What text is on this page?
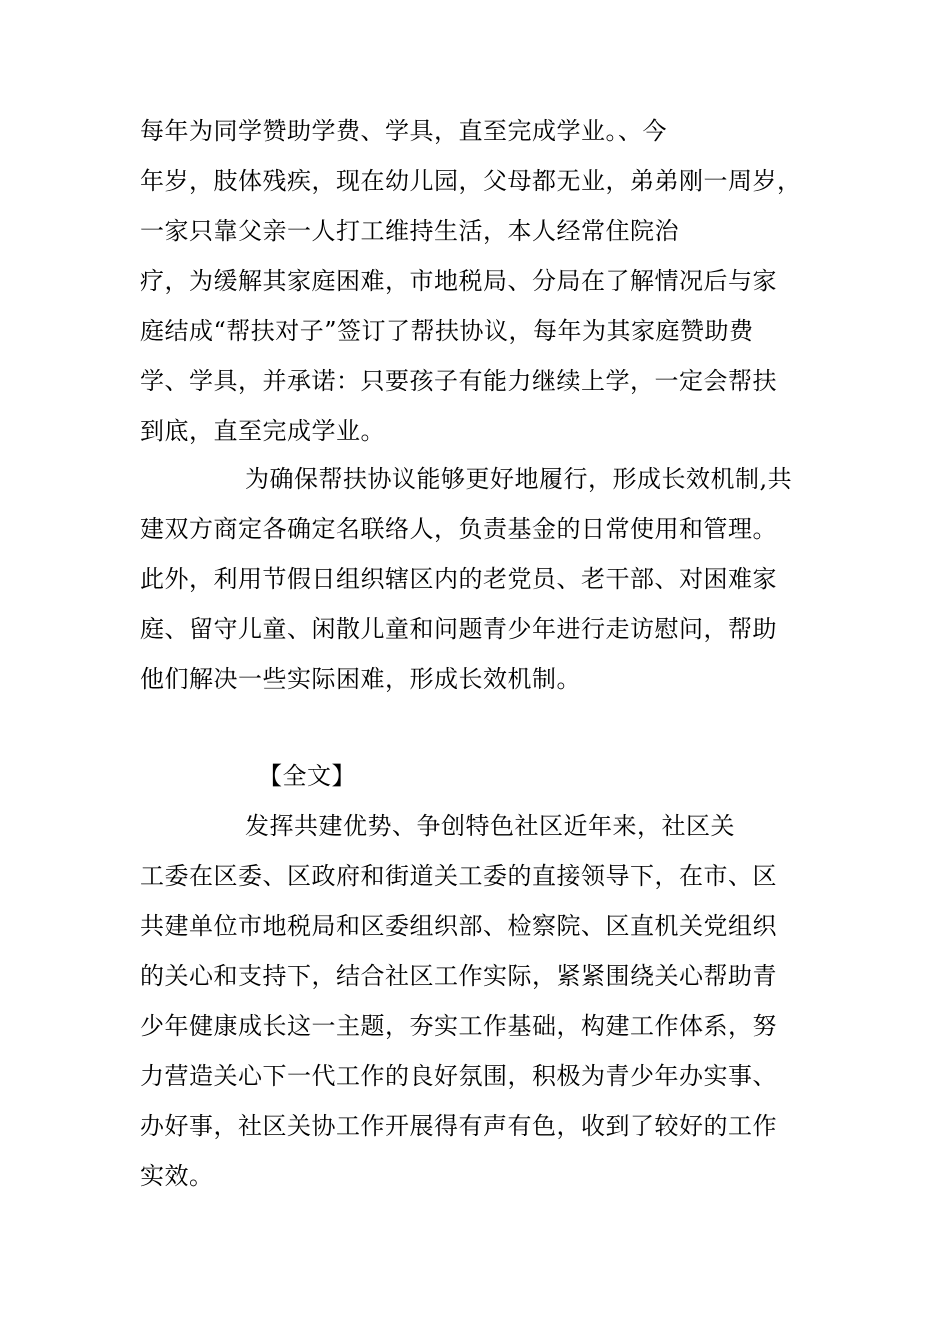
每年为同学赞助学费、学具，直至完成学业。、今
年岁，肢体残疾，现在幼儿园，父母都无业，弟弟刚一周岁，
一家只靠父亲一人打工维持生活，本人经常住院治
疗，为缓解其家庭困难，市地税局、分局在了解情况后与家
庭结成“帮扶对子”签订了帮扶协议，每年为其家庭赞助费
学、学具，并承诺：只要孩子有能力继续上学，一定会帮扶
到底，直至完成学业。
为确保帮扶协议能够更好地履行，形成长效机制,共
建双方商定各确定名联络人，负责基金的日常使用和管理。
此外，利用节假日组织辖区内的老党员、老干部、对困难家
庭、留守儿童、闲散儿童和问题青少年进行走访慰问，帮助
他们解决一些实际困难，形成长效机制。
【全文】
发挥共建优势、争创特色社区近年来，社区关
工委在区委、区政府和街道关工委的直接领导下，在市、区
共建单位市地税局和区委组织部、检察院、区直机关党组织
的关心和支持下，结合社区工作实际，紧紧围绕关心帮助青
少年健康成长这一主题，夯实工作基础，构建工作体系，努
力营造关心下一代工作的良好氛围，积极为青少年办实事、
办好事，社区关协工作开展得有声有色，收到了较好的工作
实效。
